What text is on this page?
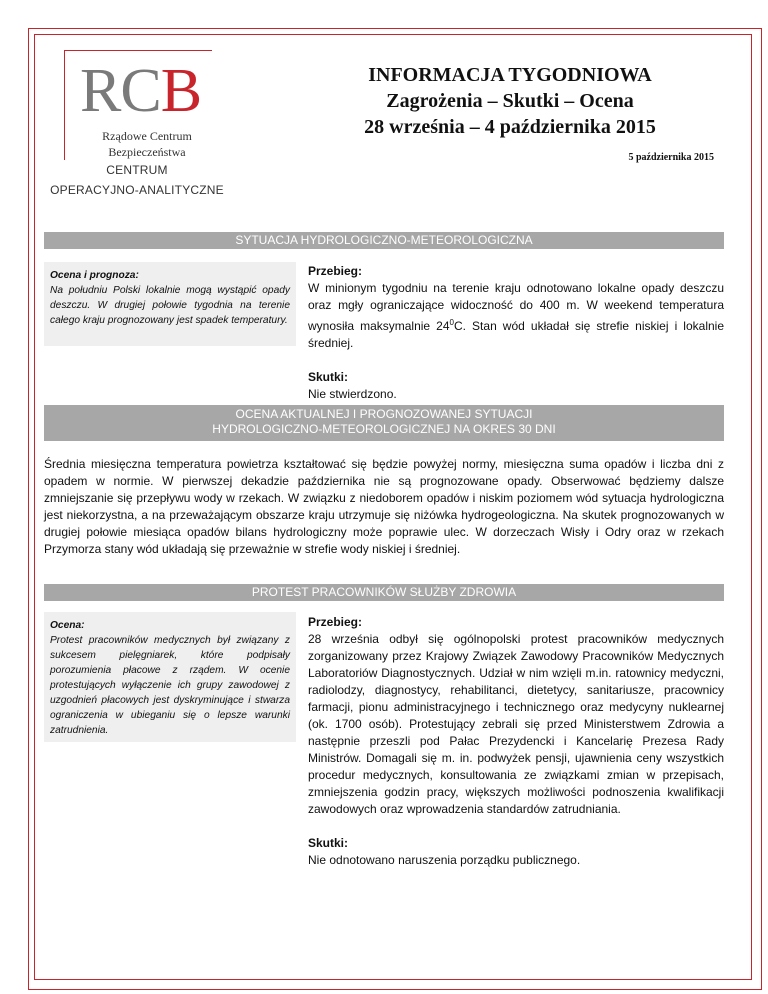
RCB
Rządowe Centrum
Bezpieczeństwa
CENTRUM
OPERACYJNO-ANALITYCZNE
INFORMACJA TYGODNIOWA
Zagrożenia – Skutki – Ocena
28 września – 4 października 2015
5 października 2015
SYTUACJA HYDROLOGICZNO-METEOROLOGICZNA
Ocena i prognoza:
Na południu Polski lokalnie mogą wystąpić opady deszczu. W drugiej połowie tygodnia na terenie całego kraju prognozowany jest spadek temperatury.
Przebieg:
W minionym tygodniu na terenie kraju odnotowano lokalne opady deszczu oraz mgły ograniczające widoczność do 400 m. W weekend temperatura wynosiła maksymalnie $24^0C$. Stan wód układał się strefie niskiej i lokalnie średniej.
Skutki:
Nie stwierdzono.
OCENA AKTUALNEJ I PROGNOZOWANEJ SYTUACJI
HYDROLOGICZNO-METEOROLOGICZNEJ NA OKRES 30 DNI
Średnia miesięczna temperatura powietrza kształtować się będzie powyżej normy, miesięczna suma opadów i liczba dni z opadem w normie. W pierwszej dekadzie października nie są prognozowane opady. Obserwować będziemy dalsze zmniejszanie się przepływu wody w rzekach. W związku z niedoborem opadów i niskim poziomem wód sytuacja hydrologiczna jest niekorzystna, a na przeważającym obszarze kraju utrzymuje się niżówka hydrogeologiczna. Na skutek prognozowanych w drugiej połowie miesiąca opadów bilans hydrologiczny może poprawie ulec. W dorzeczach Wisły i Odry oraz w rzekach Przymorza stany wód układają się przeważnie w strefie wody niskiej i średniej.
PROTEST PRACOWNIKÓW SŁUŻBY ZDROWIA
Ocena:
Protest pracowników medycznych był związany z sukcesem pielęgniarek, które podpisały porozumienia płacowe z rządem. W ocenie protestujących wyłączenie ich grupy zawodowej z uzgodnień płacowych jest dyskryminujące i stwarza ograniczenia w ubieganiu się o lepsze warunki zatrudnienia.
Przebieg:
28 września odbył się ogólnopolski protest pracowników medycznych zorganizowany przez Krajowy Związek Zawodowy Pracowników Medycznych Laboratoriów Diagnostycznych. Udział w nim wzięli m.in. ratownicy medyczni, radiolodzy, diagnostycy, rehabilitanci, dietetycy, sanitariusze, pracownicy farmacji, pionu administracyjnego i technicznego oraz medycyny nuklearnej (ok. 1700 osób). Protestujący zebrali się przed Ministerstwem Zdrowia a następnie przeszli pod Pałac Prezydencki i Kancelarię Prezesa Rady Ministrów. Domagali się m. in. podwyżek pensji, ujawnienia ceny wszystkich procedur medycznych, konsultowania ze związkami zmian w przepisach, zmniejszenia godzin pracy, większych możliwości podnoszenia kwalifikacji zawodowych oraz wprowadzenia standardów zatrudniania.
Skutki:
Nie odnotowano naruszenia porządku publicznego.
